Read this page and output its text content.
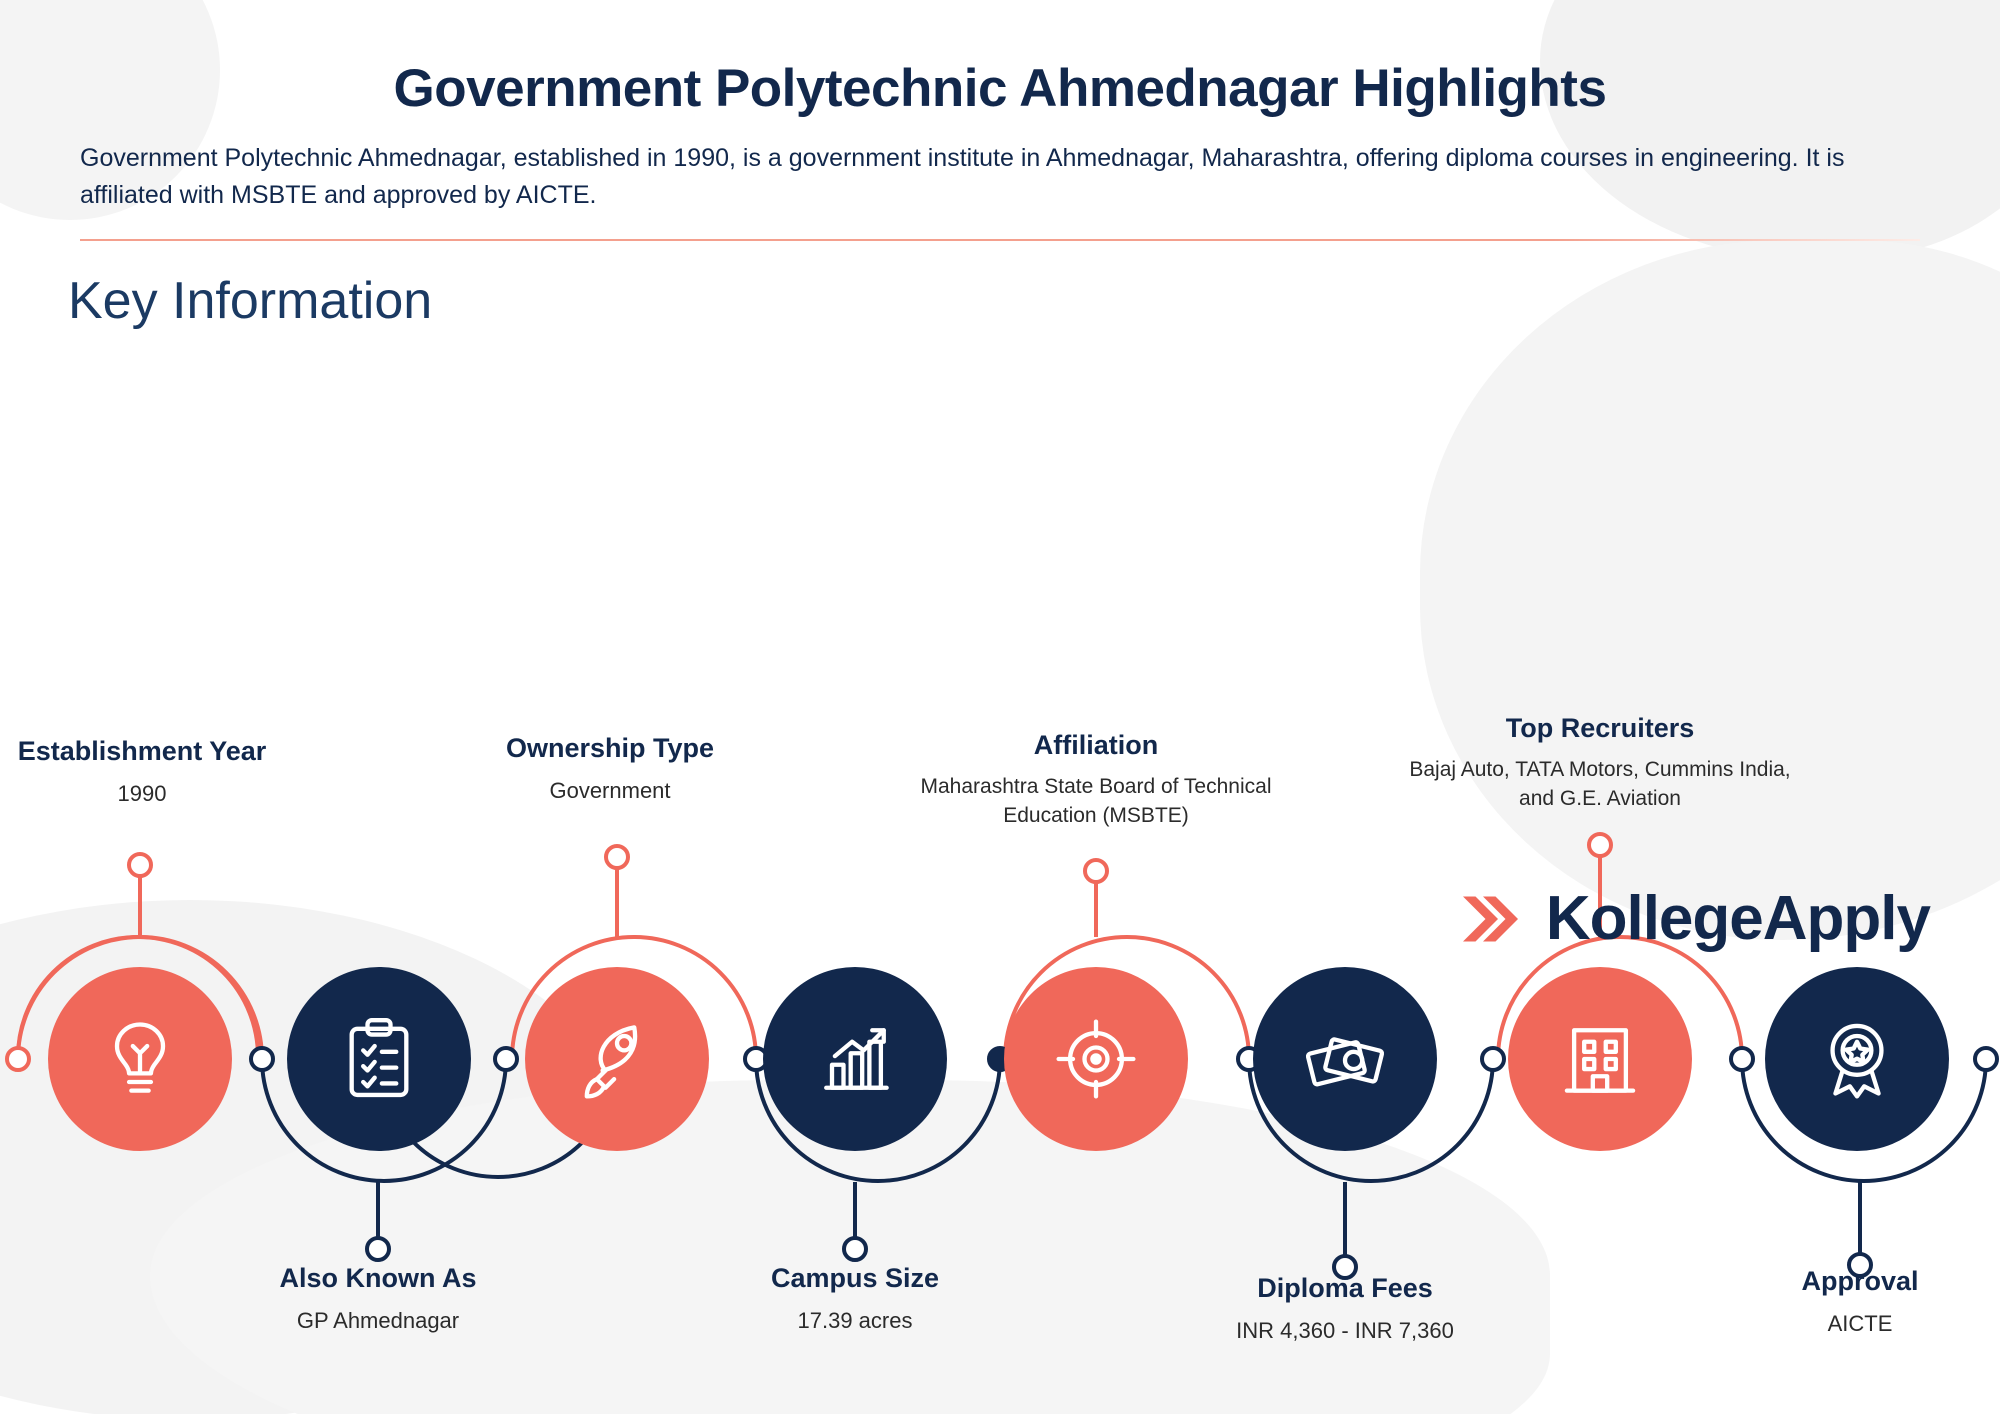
Government Polytechnic Ahmednagar Highlights
Government Polytechnic Ahmednagar, established in 1990, is a government institute in Ahmednagar, Maharashtra, offering diploma courses in engineering. It is affiliated with MSBTE and approved by AICTE.
Key Information
Establishment Year
1990
Also Known As
GP Ahmednagar
Ownership Type
Government
Campus Size
17.39 acres
Affiliation
Maharashtra State Board of Technical Education (MSBTE)
Diploma Fees
INR 4,360 - INR 7,360
Top Recruiters
Bajaj Auto, TATA Motors, Cummins India, and G.E. Aviation
Approval
AICTE
KollegeApply
